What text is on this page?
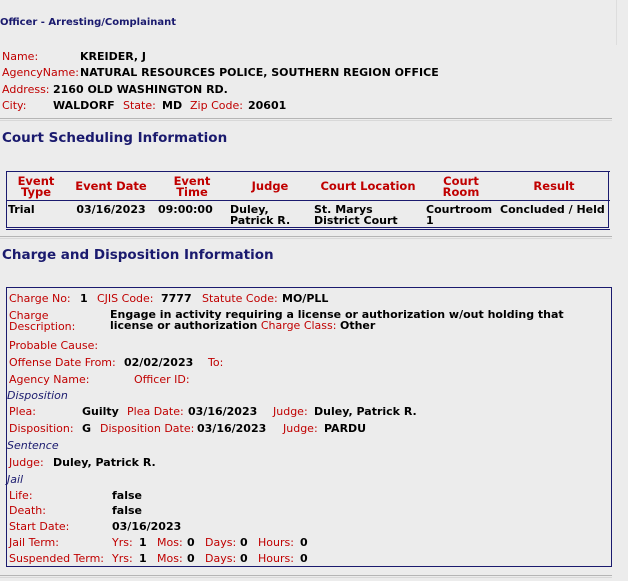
Officer - Arresting/Complainant
Name:	KREIDER, J
AgencyName: NATURAL RESOURCES POLICE, SOUTHERN REGION OFFICE
Address: 2160 OLD WASHINGTON RD.
City: WALDORF State: MD Zip Code: 20601
Court Scheduling Information
Event Type	Event Date	Event Time	Judge	Court Location	Court Room	Result
Trial	03/16/2023	09:00:00	Duley, Patrick R.	St. Marys District Court	Courtroom 1	Concluded / Held
Charge and Disposition Information
Charge No: 1 CJIS Code: 7777 Statute Code: MO/PLL
Charge Description:
Engage in activity requiring a license or authorization w/out holding that license or authorization Charge Class: Other
Probable Cause:
Offense Date From: 02/02/2023 To:
Agency Name:	Officer ID:
Disposition
Plea:	Guilty Plea Date: 03/16/2023 Judge: Duley, Patrick R.
Disposition: G Disposition Date: 03/16/2023 Judge: PARDU
Sentence
Judge: Duley, Patrick R.
Jail
Life:	false
Death:	false
Start Date:	03/16/2023
Jail Term:	Yrs: 1 Mos: 0 Days: 0 Hours: 0
Suspended Term: Yrs: 1 Mos: 0 Days: 0 Hours: 0
